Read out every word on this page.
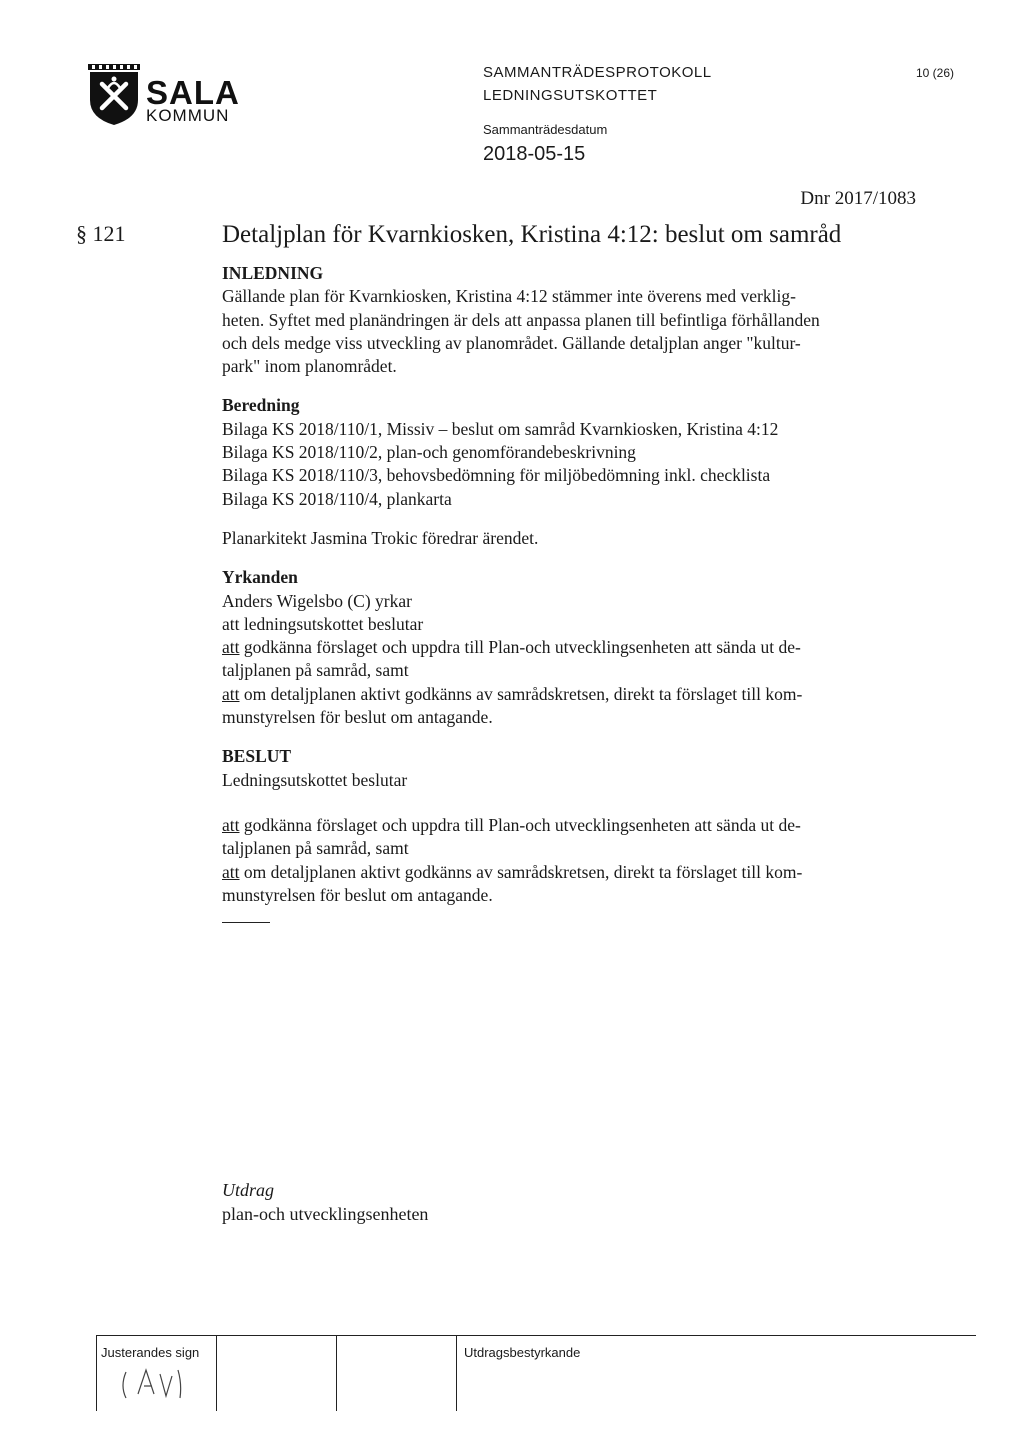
SALA
KOMMUN
SAMMANTRÄDESPROTOKOLL
LEDNINGSUTSKOTTET
Sammanträdesdatum
2018-05-15
10 (26)
Dnr 2017/1083
§ 121	Detaljplan för Kvarnkiosken, Kristina 4:12: beslut om samråd

INLEDNING

Gällande plan för Kvarnkiosken, Kristina 4:12 stämmer inte överens med verklig-

heten. Syftet med planändringen är dels att anpassa planen till befintliga förhållanden

och dels medge viss utveckling av planområdet. Gällande detaljplan anger "kultur-

park" inom planområdet.

Beredning

Bilaga KS 2018/110/1, Missiv – beslut om samråd Kvarnkiosken, Kristina 4:12

Bilaga KS 2018/110/2, plan-och genomförandebeskrivning

Bilaga KS 2018/110/3, behovsbedömning för miljöbedömning inkl. checklista

Bilaga KS 2018/110/4, plankarta

Planarkitekt Jasmina Trokic föredrar ärendet.

Yrkanden

Anders Wigelsbo (C) yrkar

att ledningsutskottet beslutar

att godkänna förslaget och uppdra till Plan-och utvecklingsenheten att sända ut de-

taljplanen på samråd, samt

att om detaljplanen aktivt godkänns av samrådskretsen, direkt ta förslaget till kom-

munstyrelsen för beslut om antagande.

BESLUT

Ledningsutskottet beslutar

att godkänna förslaget och uppdra till Plan-och utvecklingsenheten att sända ut de-

taljplanen på samråd, samt

att om detaljplanen aktivt godkänns av samrådskretsen, direkt ta förslaget till kom-

munstyrelsen för beslut om antagande.

Utdrag
plan-och utvecklingsenheten
Justerandes sign	Utdragsbestyrkande
